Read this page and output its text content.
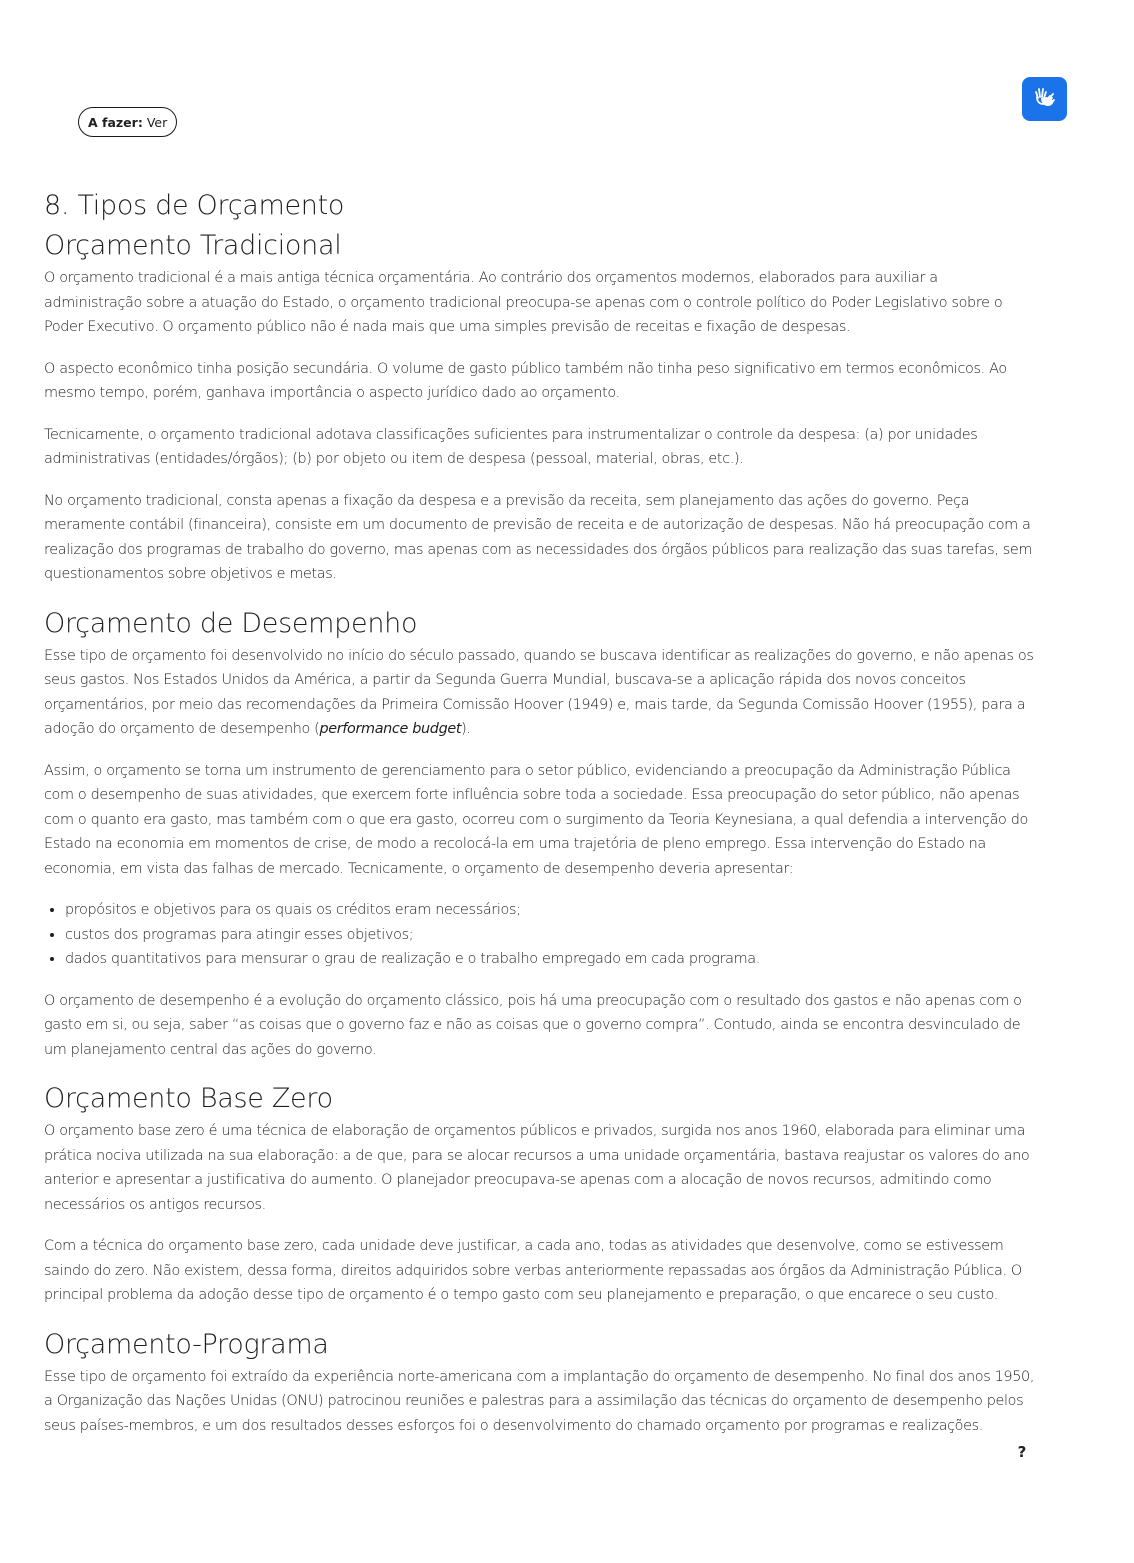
A fazer: Ver
8. Tipos de Orçamento
Orçamento Tradicional

O orçamento tradicional é a mais antiga técnica orçamentária. Ao contrário dos orçamentos modernos, elaborados para auxiliar a administração sobre a atuação do Estado, o orçamento tradicional preocupa-se apenas com o controle político do Poder Legislativo sobre o Poder Executivo. O orçamento público não é nada mais que uma simples previsão de receitas e fixação de despesas.

O aspecto econômico tinha posição secundária. O volume de gasto público também não tinha peso significativo em termos econômicos. Ao mesmo tempo, porém, ganhava importância o aspecto jurídico dado ao orçamento.

Tecnicamente, o orçamento tradicional adotava classificações suficientes para instrumentalizar o controle da despesa: (a) por unidades administrativas (entidades/órgãos); (b) por objeto ou item de despesa (pessoal, material, obras, etc.).

No orçamento tradicional, consta apenas a fixação da despesa e a previsão da receita, sem planejamento das ações do governo. Peça meramente contábil (financeira), consiste em um documento de previsão de receita e de autorização de despesas. Não há preocupação com a realização dos programas de trabalho do governo, mas apenas com as necessidades dos órgãos públicos para realização das suas tarefas, sem questionamentos sobre objetivos e metas.

Orçamento de Desempenho

Esse tipo de orçamento foi desenvolvido no início do século passado, quando se buscava identificar as realizações do governo, e não apenas os seus gastos. Nos Estados Unidos da América, a partir da Segunda Guerra Mundial, buscava-se a aplicação rápida dos novos conceitos orçamentários, por meio das recomendações da Primeira Comissão Hoover (1949) e, mais tarde, da Segunda Comissão Hoover (1955), para a adoção do orçamento de desempenho (performance budget).

Assim, o orçamento se torna um instrumento de gerenciamento para o setor público, evidenciando a preocupação da Administração Pública com o desempenho de suas atividades, que exercem forte influência sobre toda a sociedade. Essa preocupação do setor público, não apenas com o quanto era gasto, mas também com o que era gasto, ocorreu com o surgimento da Teoria Keynesiana, a qual defendia a intervenção do Estado na economia em momentos de crise, de modo a recolocá-la em uma trajetória de pleno emprego. Essa intervenção do Estado na economia, em vista das falhas de mercado. Tecnicamente, o orçamento de desempenho deveria apresentar:

• propósitos e objetivos para os quais os créditos eram necessários;
• custos dos programas para atingir esses objetivos;
• dados quantitativos para mensurar o grau de realização e o trabalho empregado em cada programa.

O orçamento de desempenho é a evolução do orçamento clássico, pois há uma preocupação com o resultado dos gastos e não apenas com o gasto em si, ou seja, saber “as coisas que o governo faz e não as coisas que o governo compra”. Contudo, ainda se encontra desvinculado de um planejamento central das ações do governo.

Orçamento Base Zero

O orçamento base zero é uma técnica de elaboração de orçamentos públicos e privados, surgida nos anos 1960, elaborada para eliminar uma prática nociva utilizada na sua elaboração: a de que, para se alocar recursos a uma unidade orçamentária, bastava reajustar os valores do ano anterior e apresentar a justificativa do aumento. O planejador preocupava-se apenas com a alocação de novos recursos, admitindo como necessários os antigos recursos.

Com a técnica do orçamento base zero, cada unidade deve justificar, a cada ano, todas as atividades que desenvolve, como se estivessem saindo do zero. Não existem, dessa forma, direitos adquiridos sobre verbas anteriormente repassadas aos órgãos da Administração Pública. O principal problema da adoção desse tipo de orçamento é o tempo gasto com seu planejamento e preparação, o que encarece o seu custo.

Orçamento-Programa

Esse tipo de orçamento foi extraído da experiência norte-americana com a implantação do orçamento de desempenho. No final dos anos 1950, a Organização das Nações Unidas (ONU) patrocinou reuniões e palestras para a assimilação das técnicas do orçamento de desempenho pelos seus países-membros, e um dos resultados desses esforços foi o desenvolvimento do chamado orçamento por programas e realizações.

?
